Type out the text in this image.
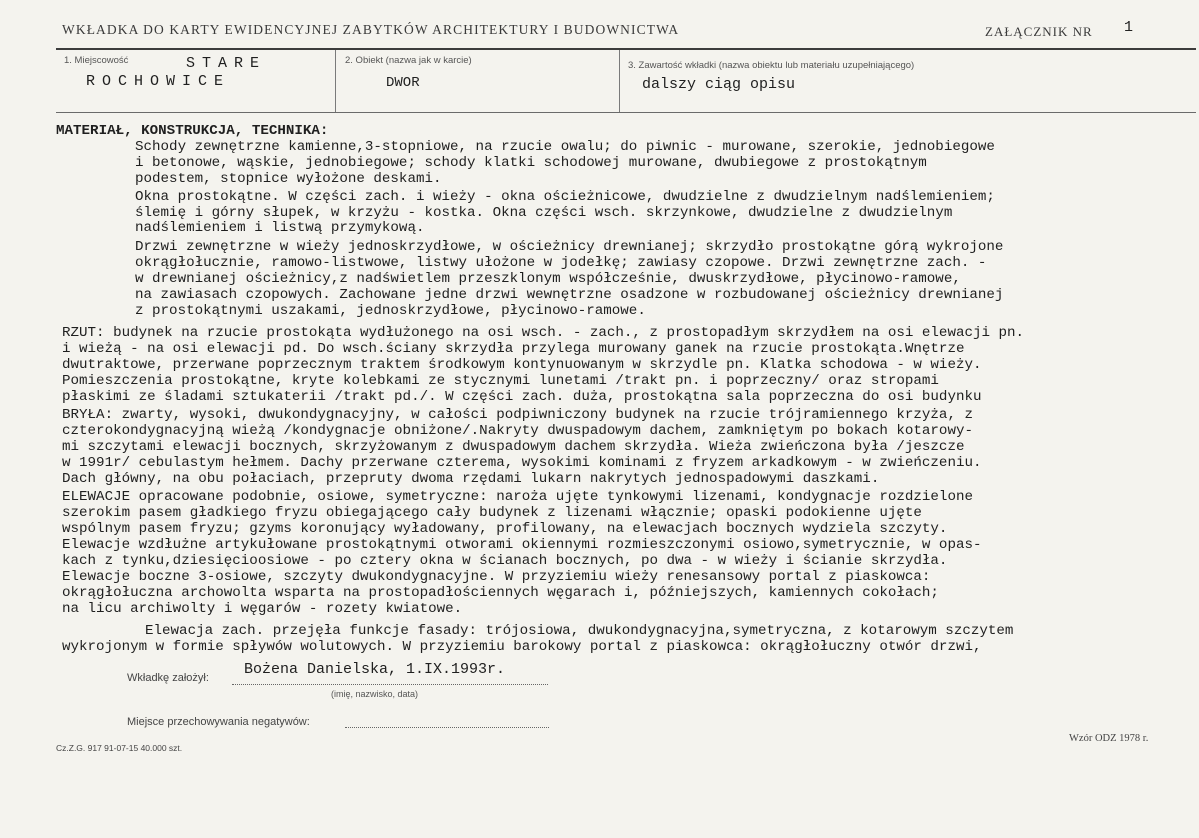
WKŁADKA DO KARTY EWIDENCYJNEJ ZABYTKÓW ARCHITEKTURY I BUDOWNICTWA	ZAŁĄCZNIK NR 1
1. Miejscowość	2. Obiekt (nazwa jak w karcie)	3. Zawartość wkładki (nazwa obiektu lub materiału uzupełniającego)
STARE
ROCHOWICE	DWOR	dalszy ciąg opisu
MATERIAŁ, KONSTRUKCJA, TECHNIKA:
Schody zewnętrzne kamienne,3-stopniowe, na rzucie owalu; do piwnic - murowane, szerokie, jednobiegowe
i betonowe, wąskie, jednobiegowe; schody klatki schodowej murowane, dwubiegowe z prostokątnym
podestem, stopnice wyłożone deskami.
Okna prostokątne. W części zach. i wieży - okna ościeżnicowe, dwudzielne z dwudzielnym nadślemieniem;
ślemię i górny słupek, w krzyżu - kostka. Okna części wsch. skrzynkowe, dwudzielne z dwudzielnym
nadślemieniem i listwą przymykową.
Drzwi zewnętrzne w wieży jednoskrzydłowe, w ościeżnicy drewnianej; skrzydło prostokątne górą wykrojone
okrągłołucznie, ramowo-listwowe, listwy ułożone w jodełkę; zawiasy czopowe. Drzwi zewnętrzne zach. -
w drewnianej ościeżnicy,z nadświetlem przeszklonym współcześnie, dwuskrzydłowe, płycinowo-ramowe,
na zawiasach czopowych. Zachowane jedne drzwi wewnętrzne osadzone w rozbudowanej ościeżnicy drewnianej
z prostokątnymi uszakami, jednoskrzydłowe, płycinowo-ramowe.
RZUT: budynek na rzucie prostokąta wydłużonego na osi wsch. - zach., z prostopadłym skrzydłem na osi elewacji pn.
i wieżą - na osi elewacji pd. Do wsch.ściany skrzydła przylega murowany ganek na rzucie prostokąta.Wnętrze
dwutraktowe, przerwane poprzecznym traktem środkowym kontynuowanym w skrzydle pn. Klatka schodowa - w wieży.
Pomieszczenia prostokątne, kryte kolebkami ze stycznymi lunetami /trakt pn. i poprzeczny/ oraz stropami
płaskimi ze śladami sztukaterii /trakt pd./. W części zach. duża, prostokątna sala poprzeczna do osi budynku
BRYŁA: zwarty, wysoki, dwukondygnacyjny, w całości podpiwniczony budynek na rzucie trójramiennego krzyża, z
czterokondygnacyjną wieżą /kondygnacje obniżone/.Nakryty dwuspadowym dachem, zamkniętym po bokach kotarowy-
mi szczytami elewacji bocznych, skrzyżowanym z dwuspadowym dachem skrzydła. Wieża zwieńczona była /jeszcze
w 1991r/ cebulastym hełmem. Dachy przerwane czterema, wysokimi kominami z fryzem arkadkowym - w zwieńczeniu.
Dach główny, na obu połaciach, przepruty dwoma rzędami lukarn nakrytych jednospadowymi daszkami.
ELEWACJE opracowane podobnie, osiowe, symetryczne: naroża ujęte tynkowymi lizenami, kondygnacje rozdzielone
szerokim pasem gładkiego fryzu obiegającego cały budynek z lizenami włącznie; opaski podokienne ujęte
wspólnym pasem fryzu; gzyms koronujący wyładowany, profilowany, na elewacjach bocznych wydziela szczyty.
Elewacje wzdłużne artykułowane prostokątnymi otworami okiennymi rozmieszczonymi osiowo,symetrycznie, w opas-
kach z tynku,dziesięcioosiowe - po cztery okna w ścianach bocznych, po dwa - w wieży i ścianie skrzydła.
Elewacje boczne 3-osiowe, szczyty dwukondygnacyjne. W przyziemiu wieży renesansowy portal z piaskowca:
okrągłołuczna archowolta wsparta na prostopadłościennych węgarach i, późniejszych, kamiennych cokołach;
na licu archiwolty i węgarów - rozety kwiatowe.
Elewacja zach. przejęła funkcje fasady: trójosiowa, dwukondygnacyjna,symetryczna, z kotarowym szczytem
wykrojonym w formie spływów wolutowych. W przyziemiu barokowy portal z piaskowca: okrągłołuczny otwór drzwi,
Wkładkę założył: Bożena Danielska, 1.IX.1993r.
(imię, nazwisko, data)
Miejsce przechowywania negatywów:
Cz.Z.G. 917 91-07-15 40.000 szt.
Wzór ODZ 1978 r.
